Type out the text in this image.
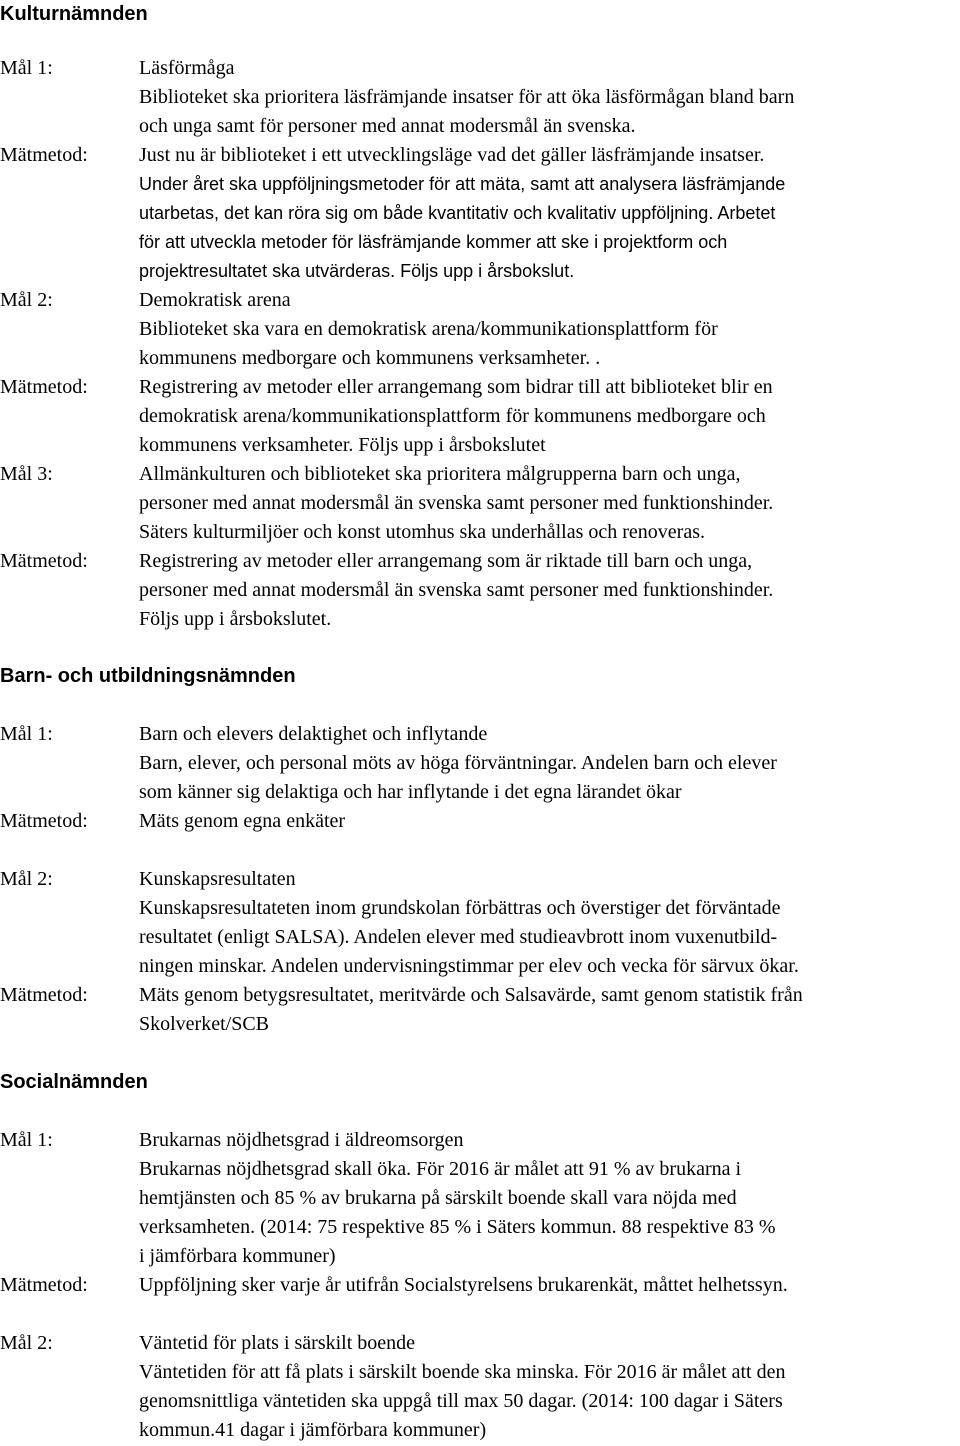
Kulturnämnden
Mål 1:	Läsförmåga
Biblioteket ska prioritera läsfrämjande insatser för att öka läsförmågan bland barn
och unga samt för personer med annat modersmål än svenska.
Mätmetod:	Just nu är biblioteket i ett utvecklingsläge vad det gäller läsfrämjande insatser.
Under året ska uppföljningsmetoder för att mäta, samt att analysera läsfrämjande
utarbetas, det kan röra sig om både kvantitativ och kvalitativ uppföljning. Arbetet
för att utveckla metoder för läsfrämjande kommer att ske i projektform och
projektresultatet ska utvärderas. Följs upp i årsbokslut.
Mål 2:	Demokratisk arena
Biblioteket ska vara en demokratisk arena/kommunikationsplattform för
kommunens medborgare och kommunens verksamheter. .
Mätmetod:	Registrering av metoder eller arrangemang som bidrar till att biblioteket blir en
demokratisk arena/kommunikationsplattform för kommunens medborgare och
kommunens verksamheter. Följs upp i årsbokslutet
Mål 3:	Allmänkulturen och biblioteket ska prioritera målgrupperna barn och unga,
personer med annat modersmål än svenska samt personer med funktionshinder.
Säters kulturmiljöer och konst utomhus ska underhållas och renoveras.
Mätmetod:	Registrering av metoder eller arrangemang som är riktade till barn och unga,
personer med annat modersmål än svenska samt personer med funktionshinder.
Följs upp i årsbokslutet.
Barn- och utbildningsnämnden
Mål 1:	Barn och elevers delaktighet och inflytande
Barn, elever, och personal möts av höga förväntningar. Andelen barn och elever
som känner sig delaktiga och har inflytande i det egna lärandet ökar
Mätmetod:	Mäts genom egna enkäter
Mål 2:	Kunskapsresultaten
Kunskapsresultateten inom grundskolan förbättras och överstiger det förväntade
resultatet (enligt SALSA). Andelen elever med studieavbrott inom vuxenutbild-
ningen minskar. Andelen undervisningstimmar per elev och vecka för särvux ökar.
Mätmetod:	Mäts genom betygsresultatet, meritvärde och Salsavärde, samt genom statistik från
Skolverket/SCB
Socialnämnden
Mål 1:	Brukarnas nöjdhetsgrad i äldreomsorgen
Brukarnas nöjdhetsgrad skall öka. För 2016 är målet att 91 % av brukarna i
hemtjänsten och 85 % av brukarna på särskilt boende skall vara nöjda med
verksamheten. (2014: 75 respektive 85 % i Säters kommun. 88 respektive 83 %
i jämförbara kommuner)
Mätmetod:	Uppföljning sker varje år utifrån Socialstyrelsens brukarenkät, måttet helhetssyn.
Mål 2:	Väntetid för plats i särskilt boende
Väntetiden för att få plats i särskilt boende ska minska. För 2016 är målet att den
genomsnittliga väntetiden ska uppgå till max 50 dagar. (2014: 100 dagar i Säters
kommun.41 dagar i jämförbara kommuner)
